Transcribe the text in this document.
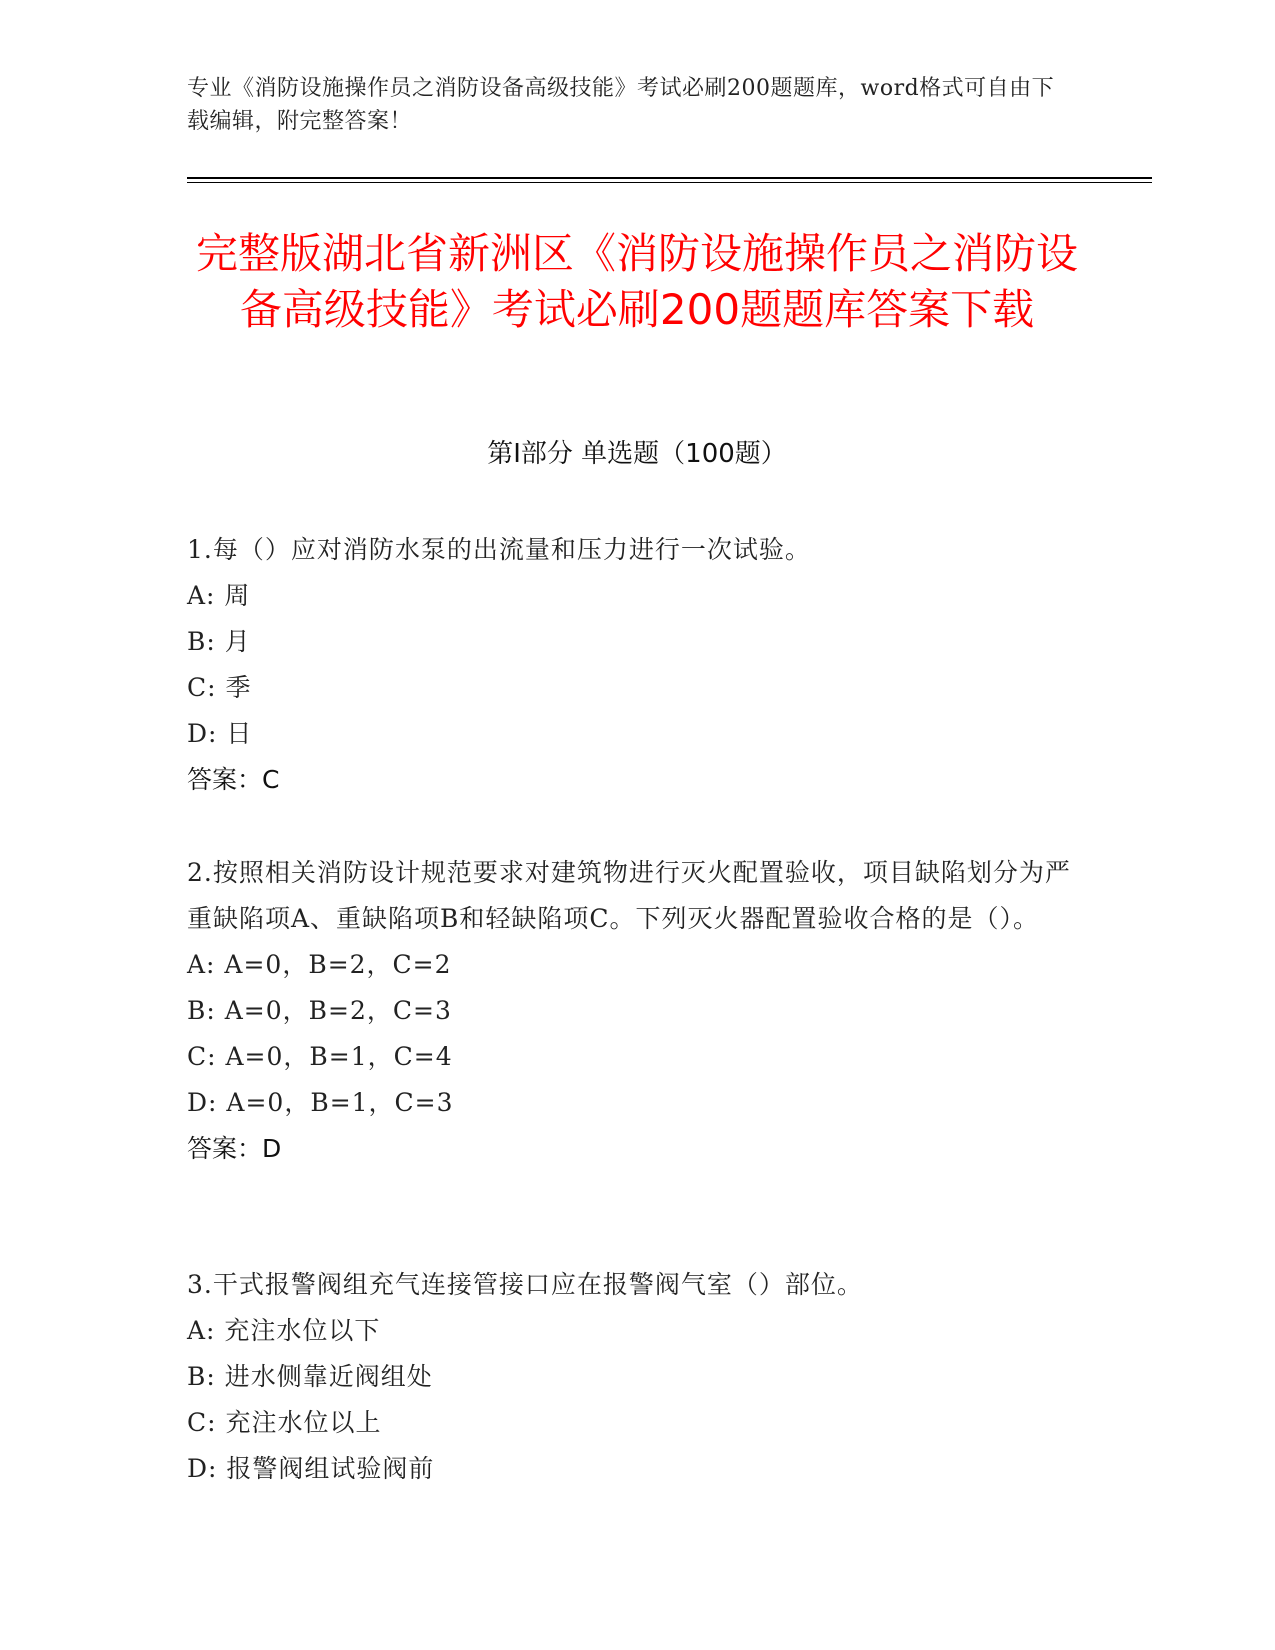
专业《消防设施操作员之消防设备高级技能》考试必刷200题题库，word格式可自由下载编辑，附完整答案！
完整版湖北省新洲区《消防设施操作员之消防设备高级技能》考试必刷200题题库答案下载
第Ⅰ部分 单选题（100题）
1.每（）应对消防水泵的出流量和压力进行一次试验。
A: 周
B: 月
C: 季
D: 日
答案：C
2.按照相关消防设计规范要求对建筑物进行灭火配置验收，项目缺陷划分为严重缺陷项A、重缺陷项B和轻缺陷项C。下列灭火器配置验收合格的是（）。
A: A=0，B=2，C=2
B: A=0，B=2，C=3
C: A=0，B=1，C=4
D: A=0，B=1，C=3
答案：D
3.干式报警阀组充气连接管接口应在报警阀气室（）部位。
A: 充注水位以下
B: 进水侧靠近阀组处
C: 充注水位以上
D: 报警阀组试验阀前
